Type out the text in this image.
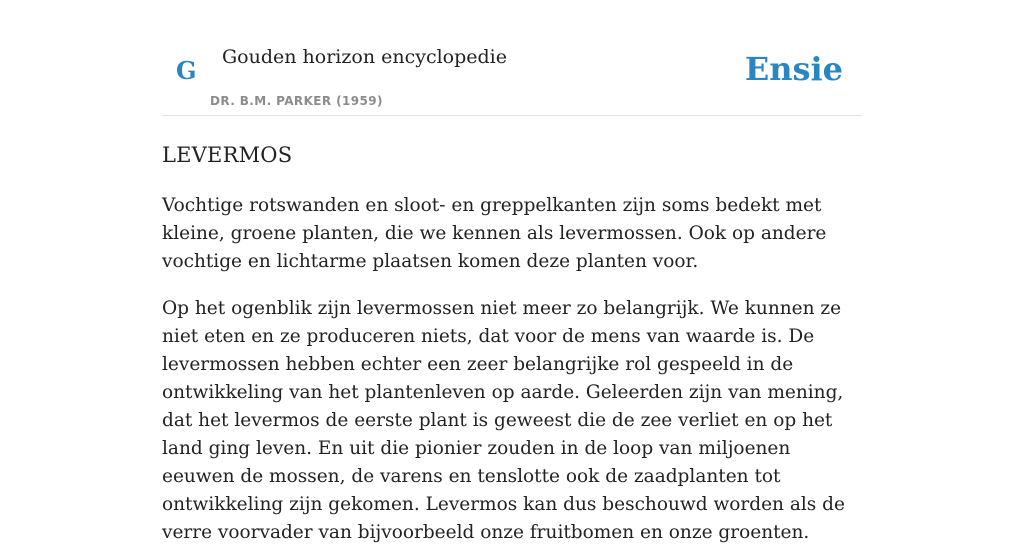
G Gouden horizon encyclopedie
DR. B.M. PARKER (1959)
Ensie
LEVERMOS

Vochtige rotswanden en sloot- en greppelkanten zijn soms bedekt met kleine, groene planten, die we kennen als levermossen. Ook op andere vochtige en lichtarme plaatsen komen deze planten voor.

Op het ogenblik zijn levermossen niet meer zo belangrijk. We kunnen ze niet eten en ze produceren niets, dat voor de mens van waarde is. De levermossen hebben echter een zeer belangrijke rol gespeeld in de ontwikkeling van het plantenleven op aarde. Geleerden zijn van mening, dat het levermos de eerste plant is geweest die de zee verliet en op het land ging leven. En uit die pionier zouden in de loop van miljoenen eeuwen de mossen, de varens en tenslotte ook de zaadplanten tot ontwikkeling zijn gekomen. Levermos kan dus beschouwd worden als de verre voorvader van bijvoorbeeld onze fruitbomen en onze groenten.
